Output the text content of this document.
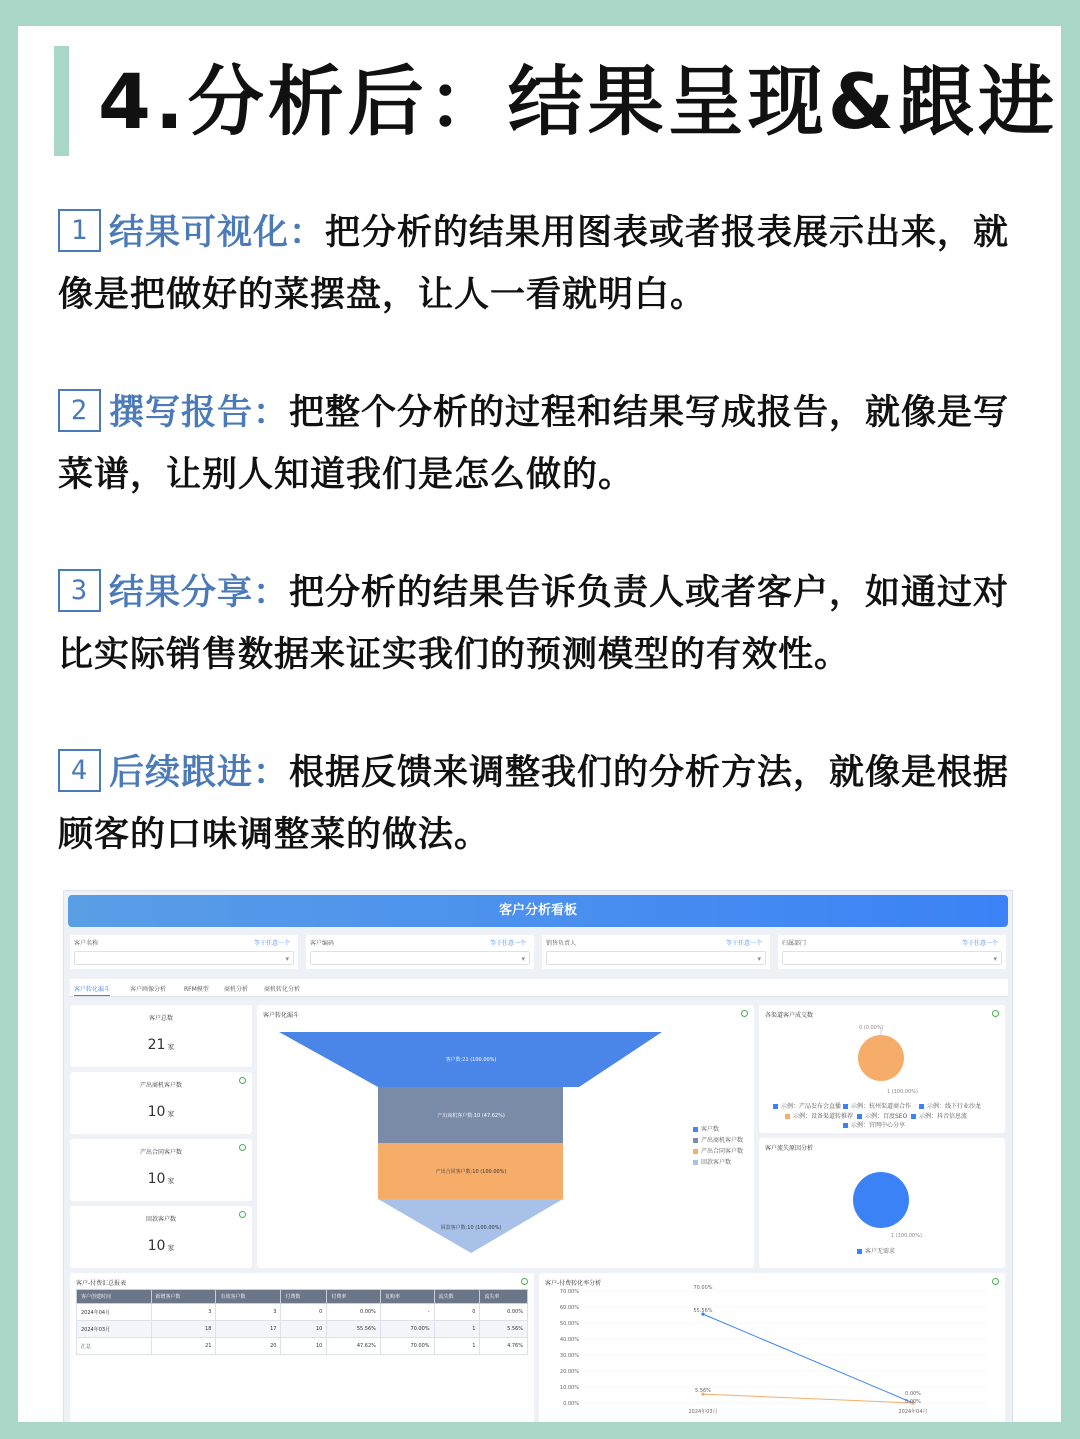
4.分析后：结果呈现&跟进
1 结果可视化：把分析的结果用图表或者报表展示出来，就像是把做好的菜摆盘，让人一看就明白。
2 撰写报告：把整个分析的过程和结果写成报告，就像是写菜谱，让别人知道我们是怎么做的。
3 结果分享：把分析的结果告诉负责人或者客户，如通过对比实际销售数据来证实我们的预测模型的有效性。
4 后续跟进：根据反馈来调整我们的分析方法，就像是根据顾客的口味调整菜的做法。
客户分析看板
客户名称	等于任意一个
▾
客户编码	等于任意一个
▾
销售负责人	等于任意一个
▾
归属部门	等于任意一个
▾
客户转化漏斗	客户画像分析	RFM模型	商机分析	商机转化分析
客户总数
21 家
产出商机客户数
10 家
产出合同客户数
10 家
回款客户数
10 家
客户转化漏斗
客户数:21 (100.00%)
产出商机客户数:10 (47.62%)
产出合同客户数:10 (100.00%)
回款客户数:10 (100.00%)
客户数
产出商机客户数
产出合同客户数
回款客户数
各渠道客户成交数
0 (0.00%)
1 (100.00%)
示例：产品发布会直播	示例：杭州渠道商合作	示例：线下行业沙龙
示例：设备渠道转推荐	示例：百度SEO	示例：抖音信息流
示例：官网中心分享
客户流失原因分析
1 (100.00%)
客户无需求
客户-付费汇总报表
客户创建时间	新增客户数	有效客户数	付费数	付费率	复购率	流失数	流失率
2024年04月	3	3	0	0.00%	-	0	0.00%
2024年03月	18	17	10	55.56%	70.00%	1	5.56%
汇总	21	20	10	47.62%	70.00%	1	4.76%
客户-付费转化率分析
70.00%
60.00%
50.00%
40.00%
30.00%
20.00%
10.00%
0.00%
2024年03月	2024年04月
70.00%
55.56%
5.56%	0.00%
0.00%
